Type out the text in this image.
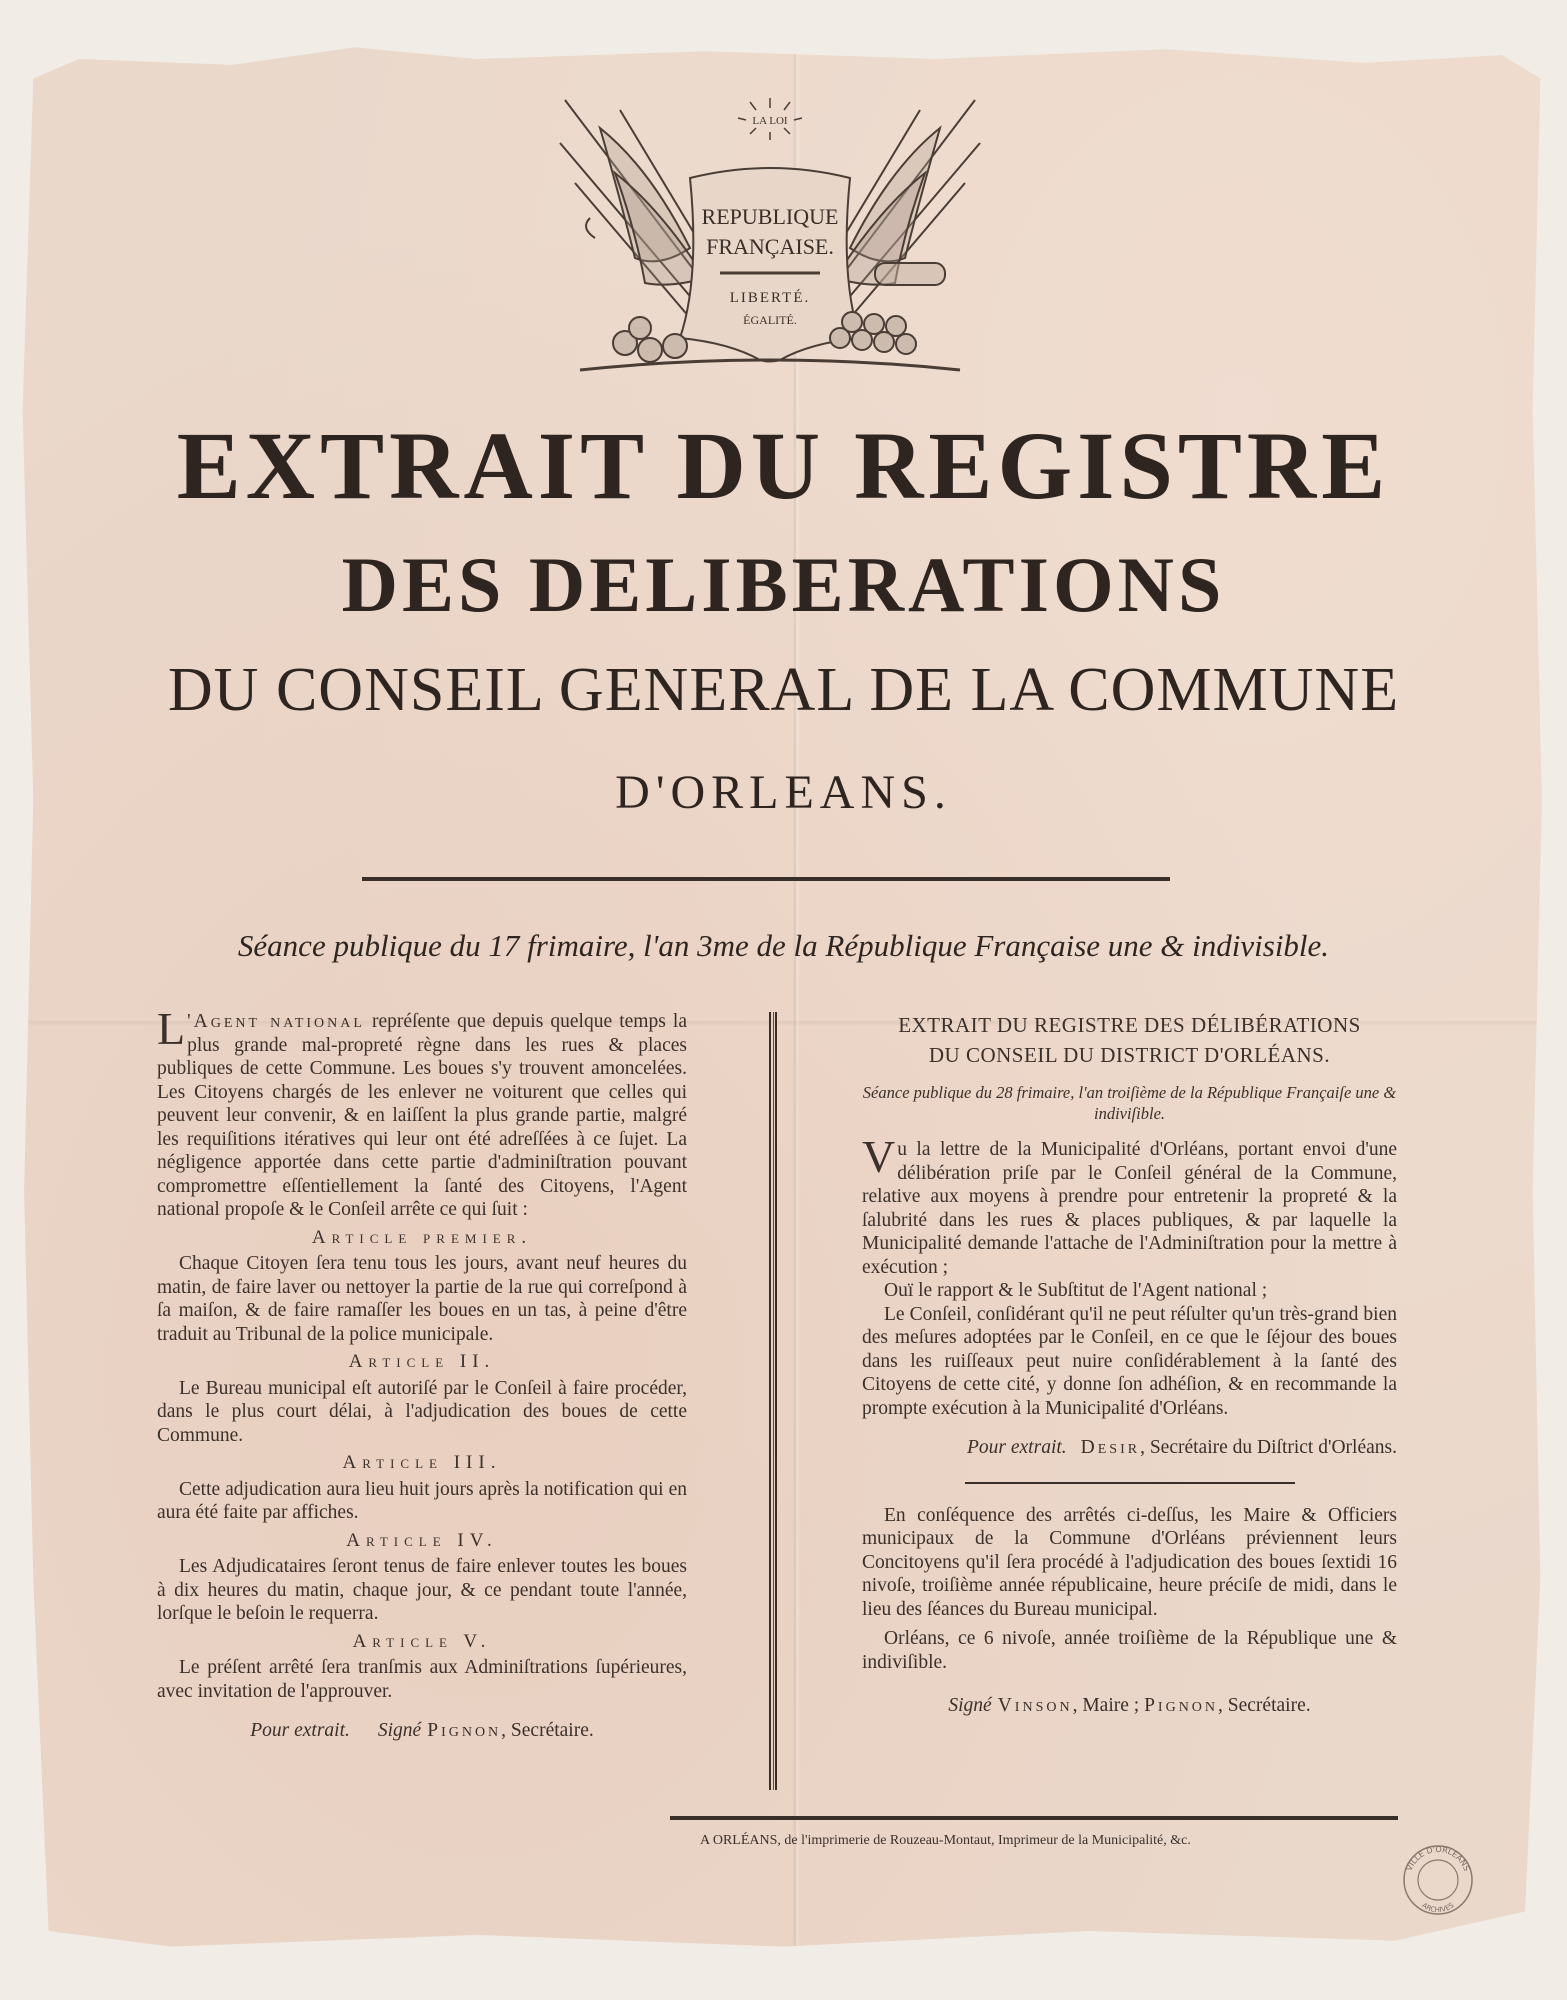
LA LOI
REPUBLIQUE
FRANÇAISE.
LIBERTÉ.
ÉGALITÉ.
EXTRAIT DU REGISTRE
DES DELIBERATIONS
DU CONSEIL GENERAL DE LA COMMUNE
D'ORLEANS.
Séance publique du 17 frimaire, l'an 3me de la République Française une & indivisible.

L 'Agent national repréſente que depuis quelque temps la plus grande mal-propreté règne dans les rues & places publiques de cette Commune. Les boues s'y trouvent amoncelées. Les Citoyens chargés de les enlever ne voiturent que celles qui peuvent leur convenir, & en laiſſent la plus grande partie, malgré les requiſitions itératives qui leur ont été adreſſées à ce ſujet. La négligence apportée dans cette partie d'adminiſtration pouvant compromettre eſſentiellement la ſanté des Citoyens, l'Agent national propoſe & le Conſeil arrête ce qui ſuit :

Article premier.

Chaque Citoyen ſera tenu tous les jours, avant neuf heures du matin, de faire laver ou nettoyer la partie de la rue qui correſpond à ſa maiſon, & de faire ramaſſer les boues en un tas, à peine d'être traduit au Tribunal de la police municipale.

Article II.

Le Bureau municipal eſt autoriſé par le Conſeil à faire procéder, dans le plus court délai, à l'adjudication des boues de cette Commune.

Article III.

Cette adjudication aura lieu huit jours après la notification qui en aura été faite par affiches.

Article IV.

Les Adjudicataires ſeront tenus de faire enlever toutes les boues à dix heures du matin, chaque jour, & ce pendant toute l'année, lorſque le beſoin le requerra.

Article V.

Le préſent arrêté ſera tranſmis aux Adminiſtrations ſupérieures, avec invitation de l'approuver.

Pour extrait. Signé Pignon, Secrétaire.
EXTRAIT DU REGISTRE DES DÉLIBÉRATIONS
DU CONSEIL DU DISTRICT D'ORLÉANS.
Séance publique du 28 frimaire, l'an troiſième de la République Françaiſe une & indiviſible.

Vu la lettre de la Municipalité d'Orléans, portant envoi d'une délibération priſe par le Conſeil général de la Commune, relative aux moyens à prendre pour entretenir la propreté & la ſalubrité dans les rues & places publiques, & par laquelle la Municipalité demande l'attache de l'Adminiſtration pour la mettre à exécution ;

Ouï le rapport & le Subſtitut de l'Agent national ;

Le Conſeil, conſidérant qu'il ne peut réſulter qu'un très-grand bien des meſures adoptées par le Conſeil, en ce que le ſéjour des boues dans les ruiſſeaux peut nuire conſidérablement à la ſanté des Citoyens de cette cité, y donne ſon adhéſion, & en recommande la prompte exécution à la Municipalité d'Orléans.

Pour extrait. Desir, Secrétaire du Diſtrict d'Orléans.

En conſéquence des arrêtés ci-deſſus, les Maire & Officiers municipaux de la Commune d'Orléans préviennent leurs Concitoyens qu'il ſera procédé à l'adjudication des boues ſextidi 16 nivoſe, troiſième année républicaine, heure préciſe de midi, dans le lieu des ſéances du Bureau municipal.

Orléans, ce 6 nivoſe, année troiſième de la République une & indiviſible.

Signé Vinson, Maire ; Pignon, Secrétaire.
A ORLÉANS, de l'imprimerie de Rouzeau-Montaut, Imprimeur de la Municipalité, &c.
VILLE D'ORLEANS
ARCHIVES
